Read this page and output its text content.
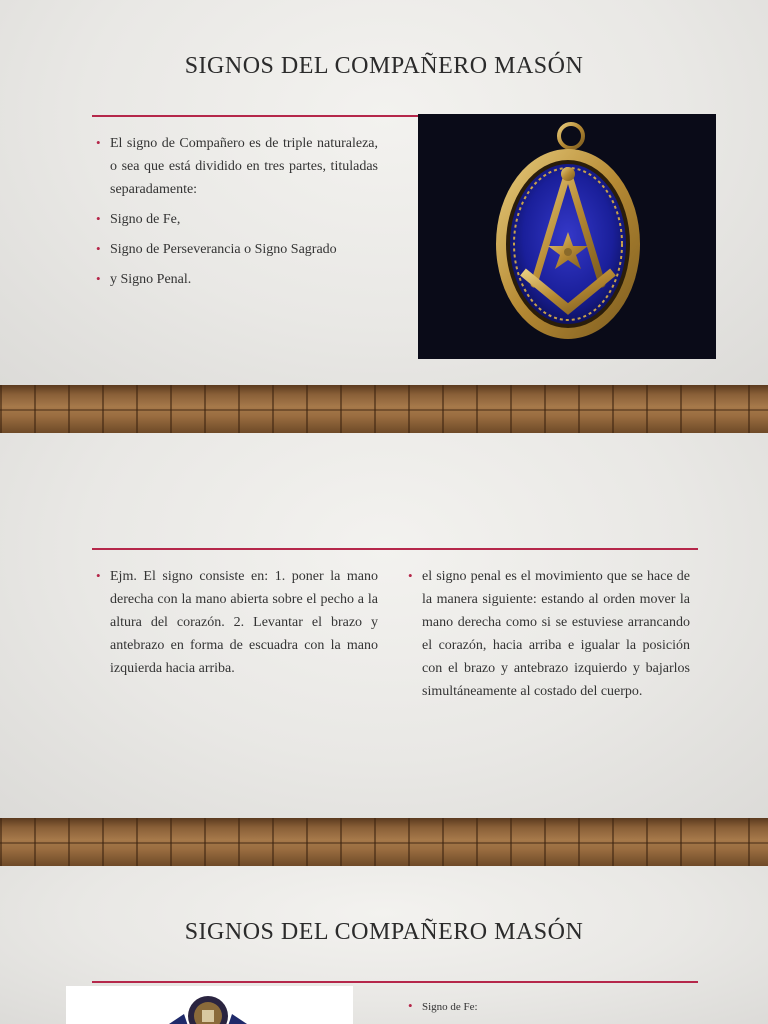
SIGNOS DEL COMPAÑERO MASÓN
• El signo de Compañero es de triple naturaleza, o sea que está dividido en tres partes, tituladas separadamente:
• Signo de Fe,
• Signo de Perseverancia o Signo Sagrado
• y Signo Penal.
• Ejm. El signo consiste en: 1. poner la mano derecha con la mano abierta sobre el pecho a la altura del corazón. 2. Levantar el brazo y antebrazo en forma de escuadra con la mano izquierda hacia arriba.
• el signo penal es el movimiento que se hace de la manera siguiente: estando al orden mover la mano derecha como si se estuviese arrancando el corazón, hacia arriba e igualar la posición con el brazo y antebrazo izquierdo y bajarlos simultáneamente al costado del cuerpo.
SIGNOS DEL COMPAÑERO MASÓN
• Signo de Fe:
